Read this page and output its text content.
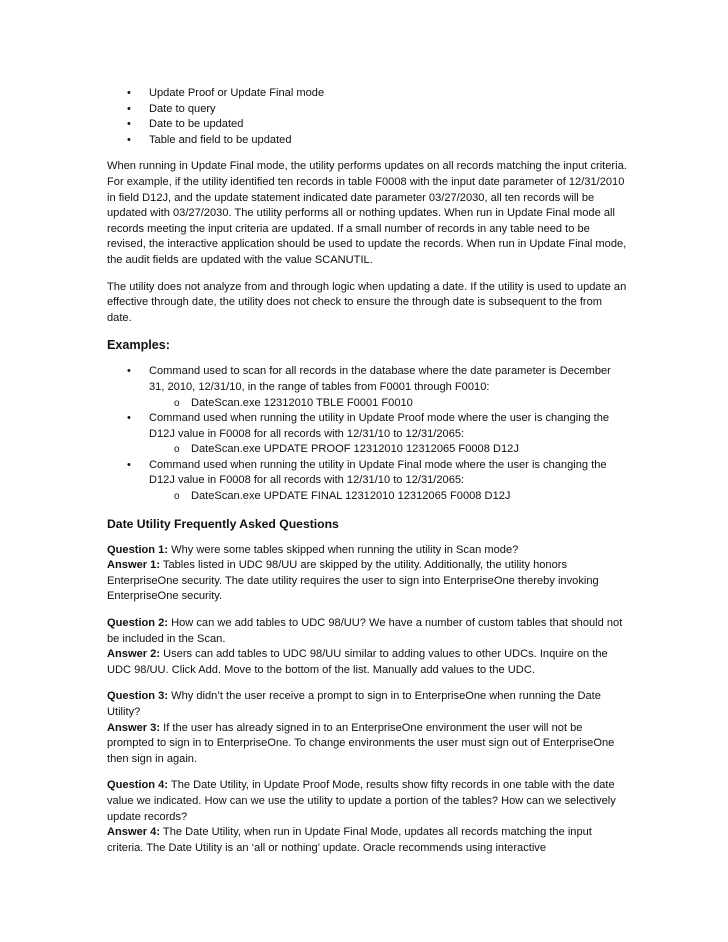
• Update Proof or Update Final mode
• Date to query
• Date to be updated
• Table and field to be updated

When running in Update Final mode, the utility performs updates on all records matching the input criteria. For example, if the utility identified ten records in table F0008 with the input date parameter of 12/31/2010 in field D12J, and the update statement indicated date parameter 03/27/2030, all ten records will be updated with 03/27/2030. The utility performs all or nothing updates. When run in Update Final mode all records meeting the input criteria are updated. If a small number of records in any table need to be revised, the interactive application should be used to update the records. When run in Update Final mode, the audit fields are updated with the value SCANUTIL.

The utility does not analyze from and through logic when updating a date. If the utility is used to update an effective through date, the utility does not check to ensure the through date is subsequent to the from date.

Examples:
• Command used to scan for all records in the database where the date parameter is December 31, 2010, 12/31/10, in the range of tables from F0001 through F0010:
o DateScan.exe 12312010 TBLE F0001 F0010
• Command used when running the utility in Update Proof mode where the user is changing the D12J value in F0008 for all records with 12/31/10 to 12/31/2065:
o DateScan.exe UPDATE PROOF 12312010 12312065 F0008 D12J
• Command used when running the utility in Update Final mode where the user is changing the D12J value in F0008 for all records with 12/31/10 to 12/31/2065:
o DateScan.exe UPDATE FINAL 12312010 12312065 F0008 D12J
Date Utility Frequently Asked Questions
Question 1: Why were some tables skipped when running the utility in Scan mode?
Answer 1: Tables listed in UDC 98/UU are skipped by the utility. Additionally, the utility honors EnterpriseOne security. The date utility requires the user to sign into EnterpriseOne thereby invoking EnterpriseOne security.
Question 2: How can we add tables to UDC 98/UU? We have a number of custom tables that should not be included in the Scan.
Answer 2: Users can add tables to UDC 98/UU similar to adding values to other UDCs. Inquire on the UDC 98/UU. Click Add. Move to the bottom of the list. Manually add values to the UDC.
Question 3: Why didn’t the user receive a prompt to sign in to EnterpriseOne when running the Date Utility?
Answer 3: If the user has already signed in to an EnterpriseOne environment the user will not be prompted to sign in to EnterpriseOne. To change environments the user must sign out of EnterpriseOne then sign in again.
Question 4: The Date Utility, in Update Proof Mode, results show fifty records in one table with the date value we indicated. How can we use the utility to update a portion of the tables? How can we selectively update records?
Answer 4: The Date Utility, when run in Update Final Mode, updates all records matching the input criteria. The Date Utility is an ‘all or nothing’ update. Oracle recommends using interactive
